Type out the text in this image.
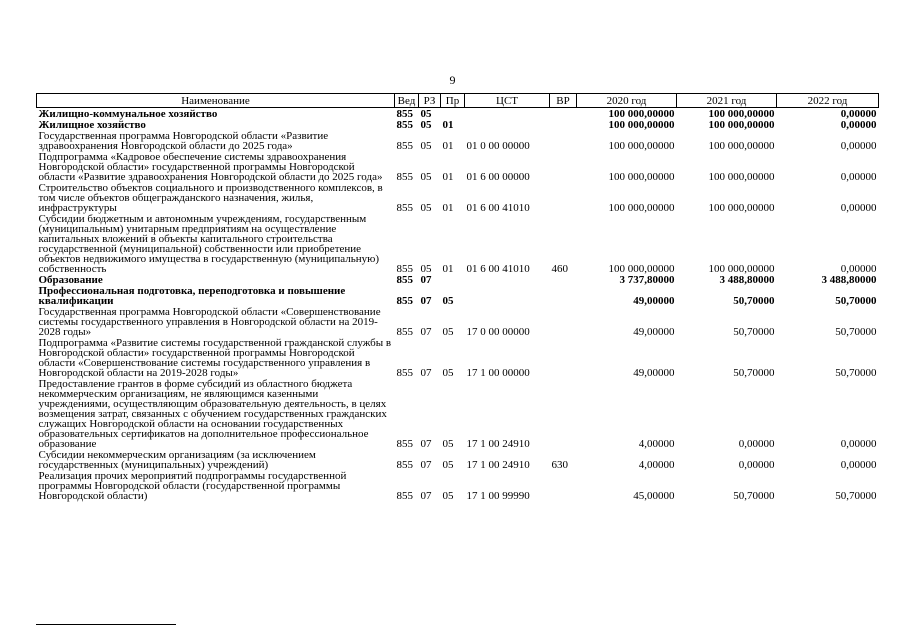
9
Наименование	Вед	РЗ	Пр	ЦСТ	ВР	2020 год	2021 год	2022 год
Жилищно-коммунальное хозяйство	855	05				100 000,00000	100 000,00000	0,00000
Жилищное хозяйство	855	05	01			100 000,00000	100 000,00000	0,00000
Государственная программа Новгородской области «Развитие здравоохранения Новгородской области до 2025 года»	855	05	01	01 0 00 00000		100 000,00000	100 000,00000	0,00000
Подпрограмма «Кадровое обеспечение системы здравоохранения Новгородской области» государственной программы Новгородской области «Развитие здравоохранения Новгородской области до 2025 года»	855	05	01	01 6 00 00000		100 000,00000	100 000,00000	0,00000
Строительство объектов социального и производственного комплексов, в том числе объектов общегражданского назначения, жилья, инфраструктуры	855	05	01	01 6 00 41010		100 000,00000	100 000,00000	0,00000
Субсидии бюджетным и автономным учреждениям, государственным (муниципальным) унитарным предприятиям на осуществление капитальных вложений в объекты капитального строительства государственной (муниципальной) собственности или приобретение объектов недвижимого имущества в государственную (муниципальную) собственность	855	05	01	01 6 00 41010	460	100 000,00000	100 000,00000	0,00000
Образование	855	07				3 737,80000	3 488,80000	3 488,80000
Профессиональная подготовка, переподготовка и повышение квалификации	855	07	05			49,00000	50,70000	50,70000
Государственная программа Новгородской области «Совершенствование системы государственного управления в Новгородской области на 2019-2028 годы»	855	07	05	17 0 00 00000		49,00000	50,70000	50,70000
Подпрограмма «Развитие системы государственной гражданской службы в Новгородской области» государственной программы Новгородской области «Совершенствование системы государственного управления в Новгородской области на 2019-2028 годы»	855	07	05	17 1 00 00000		49,00000	50,70000	50,70000
Предоставление грантов в форме субсидий из областного бюджета некоммерческим организациям, не являющимся казенными учреждениями, осуществляющим образовательную деятельность, в целях возмещения затрат, связанных с обучением государственных гражданских служащих Новгородской области на основании государственных образовательных сертификатов на дополнительное профессиональное образование	855	07	05	17 1 00 24910		4,00000	0,00000	0,00000
Субсидии некоммерческим организациям (за исключением государственных (муниципальных) учреждений)	855	07	05	17 1 00 24910	630	4,00000	0,00000	0,00000
Реализация прочих мероприятий подпрограммы государственной программы Новгородской области (государственной программы Новгородской области)	855	07	05	17 1 00 99990		45,00000	50,70000	50,70000
